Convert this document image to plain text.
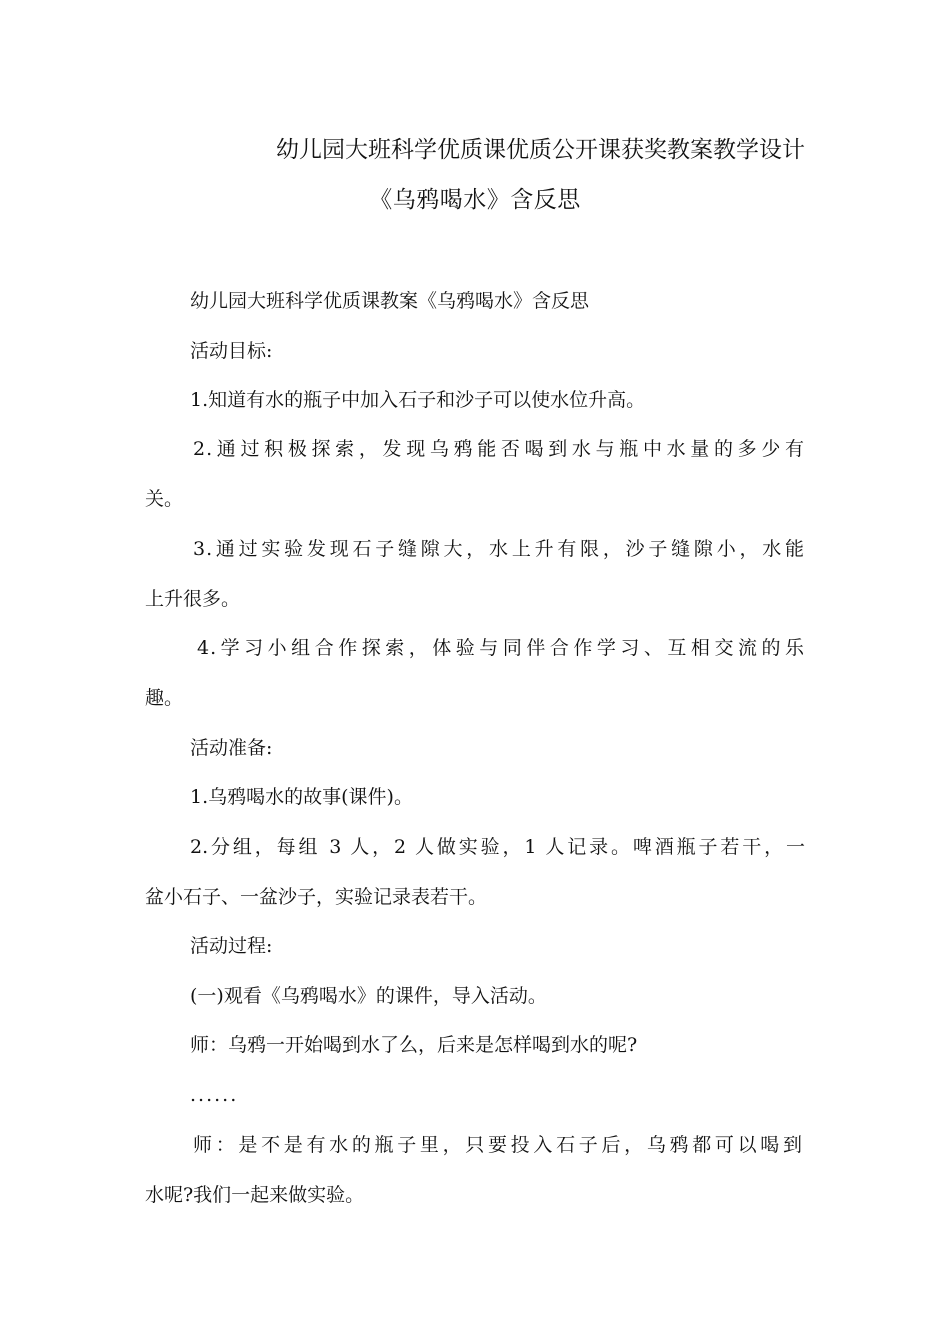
幼儿园大班科学优质课优质公开课获奖教案教学设计
《乌鸦喝水》含反思
幼儿园大班科学优质课教案《乌鸦喝水》含反思
活动目标:
1.知道有水的瓶子中加入石子和沙子可以使水位升高。
2.通过积极探索，发现乌鸦能否喝到水与瓶中水量的多少有
关。
3.通过实验发现石子缝隙大，水上升有限，沙子缝隙小，水能
上升很多。
4.学习小组合作探索，体验与同伴合作学习、互相交流的乐
趣。
活动准备:
1.乌鸦喝水的故事(课件)。
2.分组，每组 3 人，2 人做实验，1 人记录。啤酒瓶子若干，一
盆小石子、一盆沙子，实验记录表若干。
活动过程:
(一)观看《乌鸦喝水》的课件，导入活动。
师：乌鸦一开始喝到水了么，后来是怎样喝到水的呢?
......
师：是不是有水的瓶子里，只要投入石子后，乌鸦都可以喝到
水呢?我们一起来做实验。
